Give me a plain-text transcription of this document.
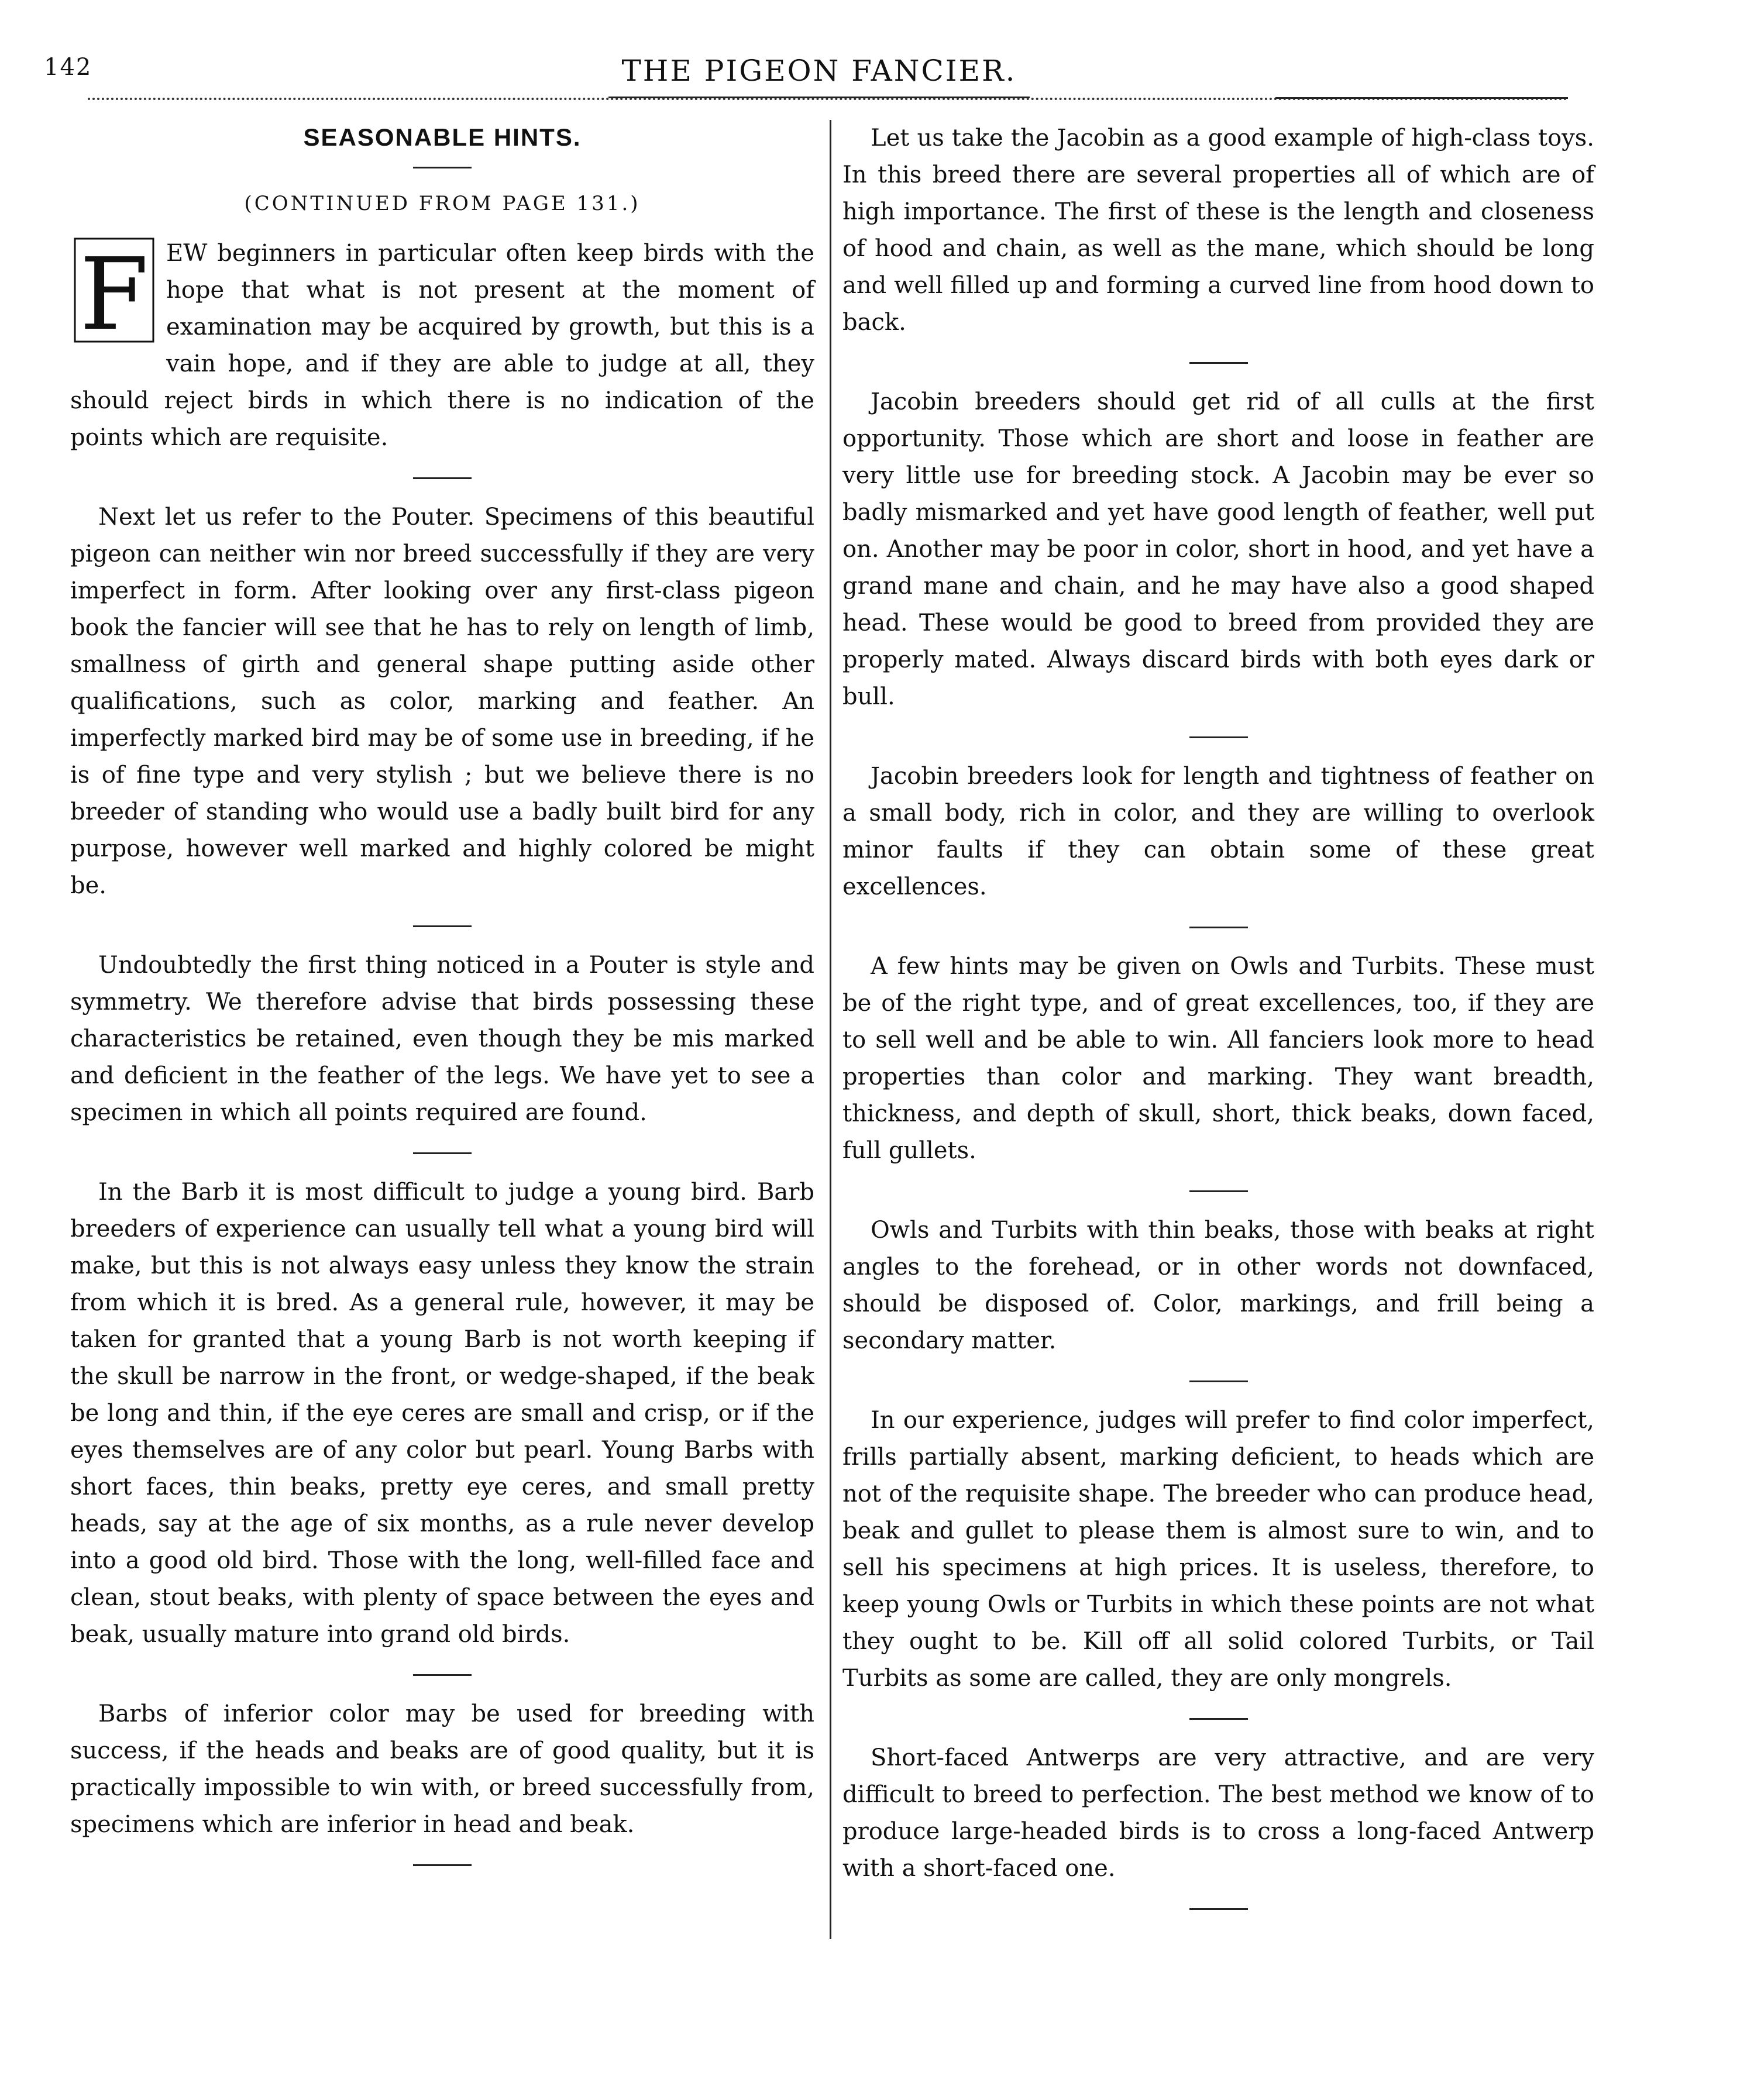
142	THE PIGEON FANCIER.
SEASONABLE HINTS.
(CONTINUED FROM PAGE 131.)

F EW beginners in particular often keep birds with the hope that what is not present at the moment of examination may be acquired by growth, but this is a vain hope, and if they are able to judge at all, they should reject birds in which there is no indication of the points which are requisite.

Next let us refer to the Pouter. Specimens of this beautiful pigeon can neither win nor breed successfully if they are very imperfect in form. After looking over any first-class pigeon book the fancier will see that he has to rely on length of limb, smallness of girth and general shape putting aside other qualifications, such as color, marking and feather. An imperfectly marked bird may be of some use in breeding, if he is of fine type and very stylish ; but we believe there is no breeder of standing who would use a badly built bird for any purpose, however well marked and highly colored be might be.

Undoubtedly the first thing noticed in a Pouter is style and symmetry. We therefore advise that birds possessing these characteristics be retained, even though they be mis marked and deficient in the feather of the legs. We have yet to see a specimen in which all points required are found.

In the Barb it is most difficult to judge a young bird. Barb breeders of experience can usually tell what a young bird will make, but this is not always easy unless they know the strain from which it is bred. As a general rule, however, it may be taken for granted that a young Barb is not worth keeping if the skull be narrow in the front, or wedge-shaped, if the beak be long and thin, if the eye ceres are small and crisp, or if the eyes themselves are of any color but pearl. Young Barbs with short faces, thin beaks, pretty eye ceres, and small pretty heads, say at the age of six months, as a rule never develop into a good old bird. Those with the long, well-filled face and clean, stout beaks, with plenty of space between the eyes and beak, usually mature into grand old birds.

Barbs of inferior color may be used for breeding with success, if the heads and beaks are of good quality, but it is practically impossible to win with, or breed successfully from, specimens which are inferior in head and beak.

Let us take the Jacobin as a good example of high-class toys. In this breed there are several properties all of which are of high importance. The first of these is the length and closeness of hood and chain, as well as the mane, which should be long and well filled up and forming a curved line from hood down to back.

Jacobin breeders should get rid of all culls at the first opportunity. Those which are short and loose in feather are very little use for breeding stock. A Jacobin may be ever so badly mismarked and yet have good length of feather, well put on. Another may be poor in color, short in hood, and yet have a grand mane and chain, and he may have also a good shaped head. These would be good to breed from provided they are properly mated. Always discard birds with both eyes dark or bull.

Jacobin breeders look for length and tightness of feather on a small body, rich in color, and they are willing to overlook minor faults if they can obtain some of these great excellences.

A few hints may be given on Owls and Turbits. These must be of the right type, and of great excellences, too, if they are to sell well and be able to win. All fanciers look more to head properties than color and marking. They want breadth, thickness, and depth of skull, short, thick beaks, down faced, full gullets.

Owls and Turbits with thin beaks, those with beaks at right angles to the forehead, or in other words not downfaced, should be disposed of. Color, markings, and frill being a secondary matter.

In our experience, judges will prefer to find color imperfect, frills partially absent, marking deficient, to heads which are not of the requisite shape. The breeder who can produce head, beak and gullet to please them is almost sure to win, and to sell his specimens at high prices. It is useless, therefore, to keep young Owls or Turbits in which these points are not what they ought to be. Kill off all solid colored Turbits, or Tail Turbits as some are called, they are only mongrels.

Short-faced Antwerps are very attractive, and are very difficult to breed to perfection. The best method we know of to produce large-headed birds is to cross a long-faced Antwerp with a short-faced one.
